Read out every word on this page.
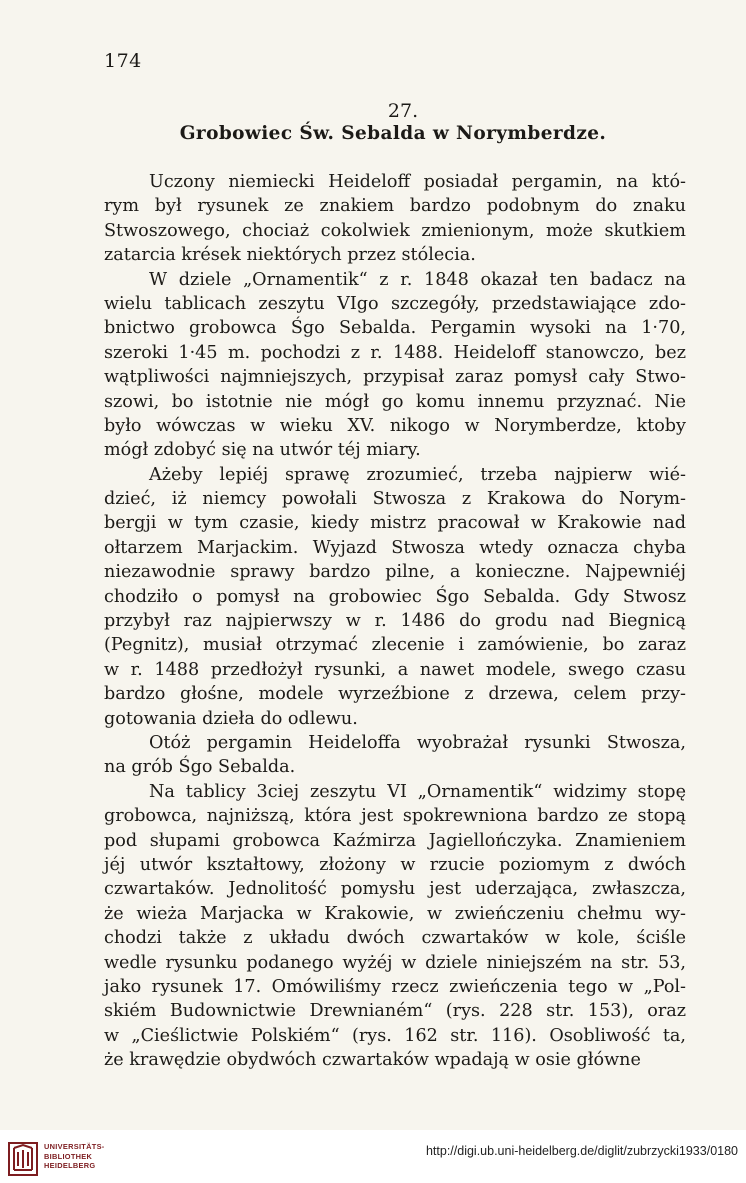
174
27.
Grobowiec Św. Sebalda w Norymberdze.
Uczony niemiecki Heideloff posiadał pergamin, na któ-
rym był rysunek ze znakiem bardzo podobnym do znaku
Stwoszowego, chociaż cokolwiek zmienionym, może skutkiem
zatarcia krések niektórych przez stólecia.
W dziele „Ornamentik“ z r. 1848 okazał ten badacz na
wielu tablicach zeszytu VIgo szczegóły, przedstawiające zdo-
bnictwo grobowca Śgo Sebalda. Pergamin wysoki na 1·70,
szeroki 1·45 m. pochodzi z r. 1488. Heideloff stanowczo, bez
wątpliwości najmniejszych, przypisał zaraz pomysł cały Stwo-
szowi, bo istotnie nie mógł go komu innemu przyznać. Nie
było wówczas w wieku XV. nikogo w Norymberdze, ktoby
mógł zdobyć się na utwór téj miary.
Ażeby lepiéj sprawę zrozumieć, trzeba najpierw wié-
dzieć, iż niemcy powołali Stwosza z Krakowa do Norym-
bergji w tym czasie, kiedy mistrz pracował w Krakowie nad
ołtarzem Marjackim. Wyjazd Stwosza wtedy oznacza chyba
niezawodnie sprawy bardzo pilne, a konieczne. Najpewniéj
chodziło o pomysł na grobowiec Śgo Sebalda. Gdy Stwosz
przybył raz najpierwszy w r. 1486 do grodu nad Biegnicą
(Pegnitz), musiał otrzymać zlecenie i zamówienie, bo zaraz
w r. 1488 przedłożył rysunki, a nawet modele, swego czasu
bardzo głośne, modele wyrzeźbione z drzewa, celem przy-
gotowania dzieła do odlewu.
Otóż pergamin Heideloffa wyobrażał rysunki Stwosza,
na grób Śgo Sebalda.
Na tablicy 3ciej zeszytu VI „Ornamentik“ widzimy stopę
grobowca, najniższą, która jest spokrewniona bardzo ze stopą
pod słupami grobowca Kaźmirza Jagiellończyka. Znamieniem
jéj utwór kształtowy, złożony w rzucie poziomym z dwóch
czwartaków. Jednolitość pomysłu jest uderzająca, zwłaszcza,
że wieża Marjacka w Krakowie, w zwieńczeniu chełmu wy-
chodzi także z układu dwóch czwartaków w kole, ściśle
wedle rysunku podanego wyżéj w dziele niniejszém na str. 53,
jako rysunek 17. Omówiliśmy rzecz zwieńczenia tego w „Pol-
skiém Budownictwie Drewnianém“ (rys. 228 str. 153), oraz
w „Cieślictwie Polskiém“ (rys. 162 str. 116). Osobliwość ta,
że krawędzie obydwóch czwartaków wpadają w osie główne
UNIVERSITÄTS-
BIBLIOTHEK
HEIDELBERG
http://digi.ub.uni-heidelberg.de/diglit/zubrzycki1933/0180
